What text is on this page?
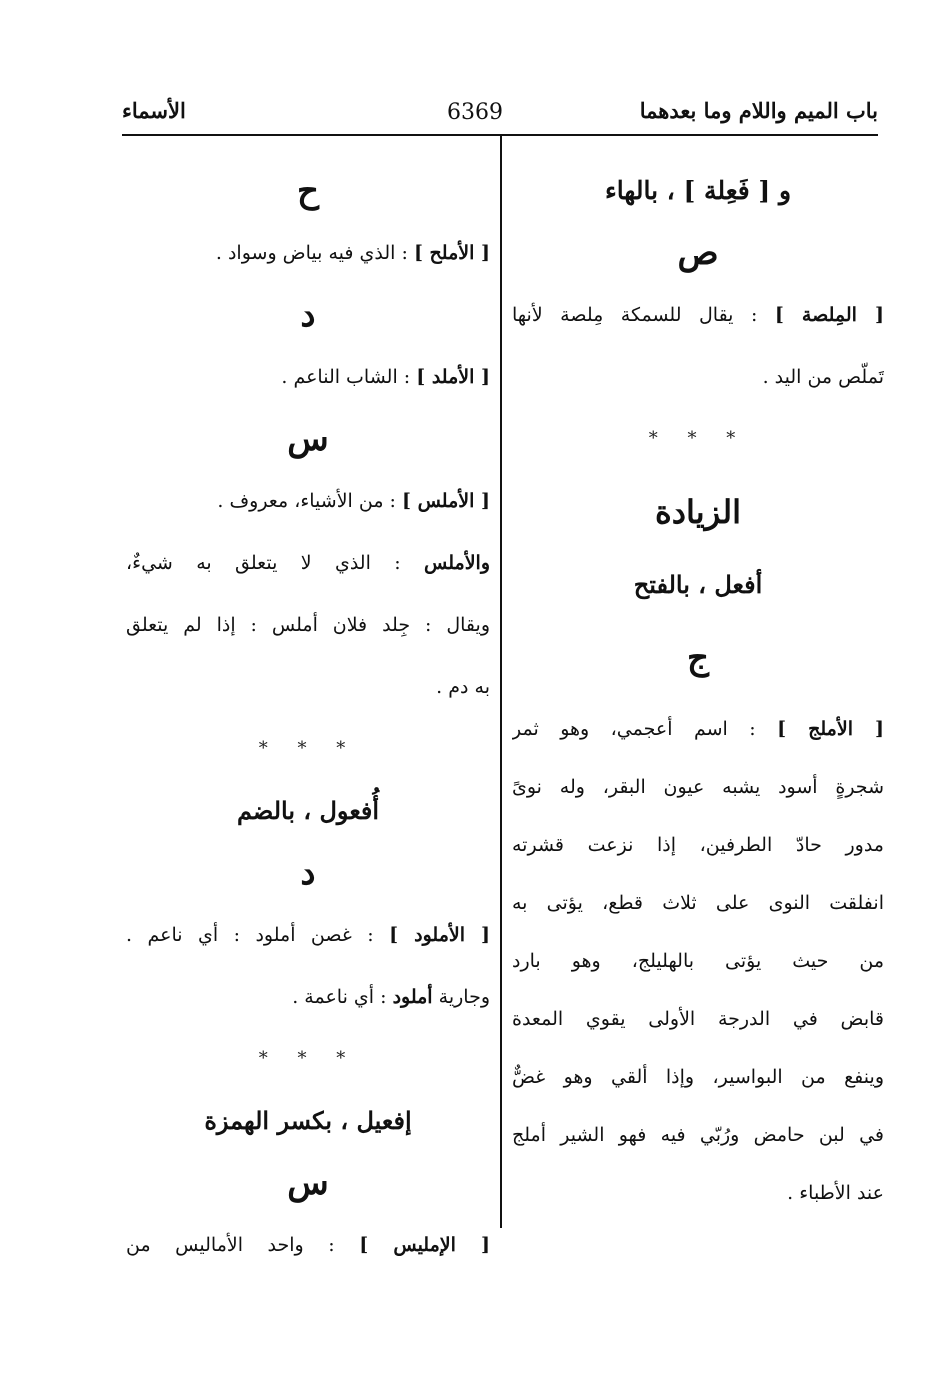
باب الميم واللام وما بعدهما
6369
الأسماء
و [ فَعِلة ] ، بالهاء
ص
[ المِلصة ] : يقال للسمكة مِلصة لأنها
تَملّص من اليد .
* * *
الزيادة
أفعل ، بالفتح
ج
[ الأملج ] : اسم أعجمي، وهو ثمر
شجرةٍ أسود يشبه عيون البقر، وله نوىً
مدور حادّ الطرفين، إذا نزعت قشرته
انفلقت النوى على ثلاث قطع، يؤتى به
من حيث يؤتى بالهليلج، وهو بارد
قابض في الدرجة الأولى يقوي المعدة
وينفع من البواسير، وإذا ألقي وهو غضٌّ
في لبن حامض ورُبّي فيه فهو الشير أملج
عند الأطباء .
ح
[ الأملح ] : الذي فيه بياض وسواد .
د
[ الأملد ] : الشاب الناعم .
س
[ الأملس ] : من الأشياء، معروف .
والأملس : الذي لا يتعلق به شيءٌ،
ويقال : جِلد فلان أملس : إذا لم يتعلق
به دم .
* * *
أُفعول ، بالضم
د
[ الأملود ] : غصن أملود : أي ناعم .
وجارية أملود : أي ناعمة .
* * *
إفعيل ، بكسر الهمزة
س
[ الإمليس ] : واحد الأماليس من
